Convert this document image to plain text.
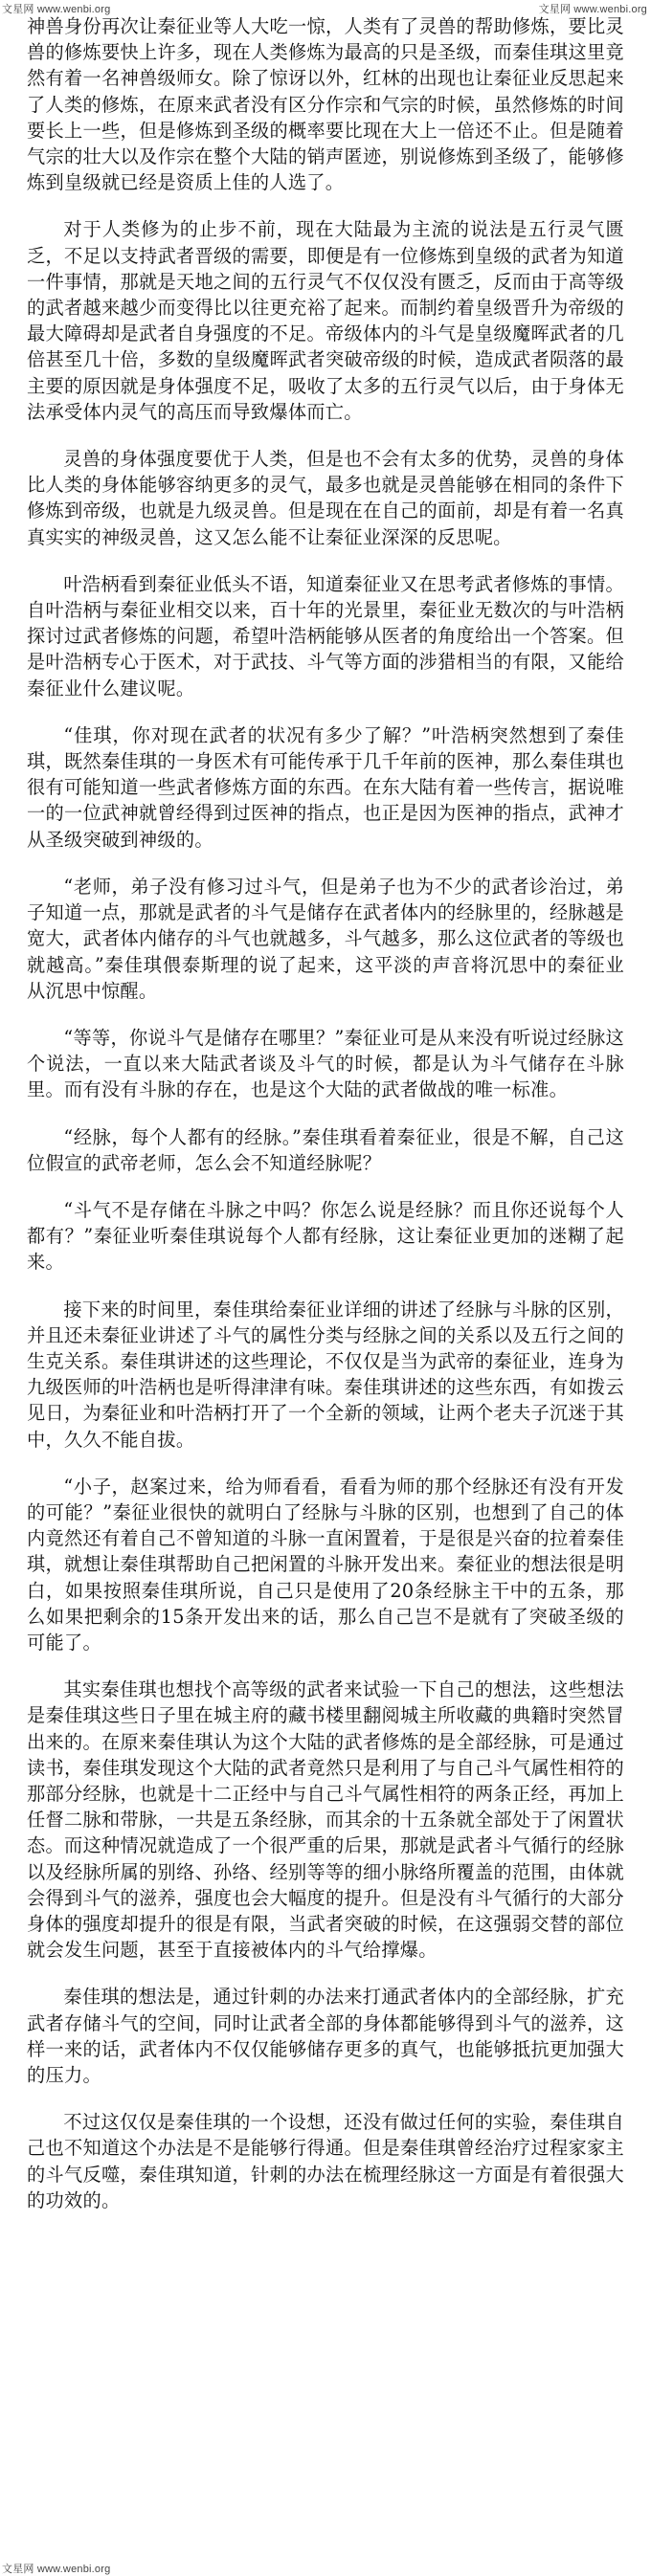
文星网 www.wenbi.org	文星网 www.wenbi.org

神兽身份再次让秦征业等人大吃一惊，人类有了灵兽的帮助修炼，要比灵兽的修炼要快上许多，现在人类修炼为最高的只是圣级，而秦佳琪这里竟然有着一名神兽级师女。除了惊讶以外，红林的出现也让秦征业反思起来了人类的修炼，在原来武者没有区分作宗和气宗的时候，虽然修炼的时间要长上一些，但是修炼到圣级的概率要比现在大上一倍还不止。但是随着气宗的壮大以及作宗在整个大陆的销声匿迹，别说修炼到圣级了，能够修炼到皇级就已经是资质上佳的人选了。

对于人类修为的止步不前，现在大陆最为主流的说法是五行灵气匮乏，不足以支持武者晋级的需要，即便是有一位修炼到皇级的武者为知道一件事情，那就是天地之间的五行灵气不仅仅没有匮乏，反而由于高等级的武者越来越少而变得比以往更充裕了起来。而制约着皇级晋升为帝级的最大障碍却是武者自身强度的不足。帝级体内的斗气是皇级魔晖武者的几倍甚至几十倍，多数的皇级魔晖武者突破帝级的时候，造成武者陨落的最主要的原因就是身体强度不足，吸收了太多的五行灵气以后，由于身体无法承受体内灵气的高压而导致爆体而亡。

灵兽的身体强度要优于人类，但是也不会有太多的优势，灵兽的身体比人类的身体能够容纳更多的灵气，最多也就是灵兽能够在相同的条件下修炼到帝级，也就是九级灵兽。但是现在在自己的面前，却是有着一名真真实实的神级灵兽，这又怎么能不让秦征业深深的反思呢。

叶浩柄看到秦征业低头不语，知道秦征业又在思考武者修炼的事情。自叶浩柄与秦征业相交以来，百十年的光景里，秦征业无数次的与叶浩柄探讨过武者修炼的问题，希望叶浩柄能够从医者的角度给出一个答案。但是叶浩柄专心于医术，对于武技、斗气等方面的涉猎相当的有限，又能给秦征业什么建议呢。

“佳琪，你对现在武者的状况有多少了解？”叶浩柄突然想到了秦佳琪，既然秦佳琪的一身医术有可能传承于几千年前的医神，那么秦佳琪也很有可能知道一些武者修炼方面的东西。在东大陆有着一些传言，据说唯一的一位武神就曾经得到过医神的指点，也正是因为医神的指点，武神才从圣级突破到神级的。

“老师，弟子没有修习过斗气，但是弟子也为不少的武者诊治过，弟子知道一点，那就是武者的斗气是储存在武者体内的经脉里的，经脉越是宽大，武者体内储存的斗气也就越多，斗气越多，那么这位武者的等级也就越高。”秦佳琪偎泰斯理的说了起来，这平淡的声音将沉思中的秦征业从沉思中惊醒。

“等等，你说斗气是储存在哪里？”秦征业可是从来没有听说过经脉这个说法，一直以来大陆武者谈及斗气的时候，都是认为斗气储存在斗脉里。而有没有斗脉的存在，也是这个大陆的武者做战的唯一标准。

“经脉，每个人都有的经脉。”秦佳琪看着秦征业，很是不解，自己这位假宣的武帝老师，怎么会不知道经脉呢？

“斗气不是存储在斗脉之中吗？你怎么说是经脉？而且你还说每个人都有？”秦征业听秦佳琪说每个人都有经脉，这让秦征业更加的迷糊了起来。

接下来的时间里，秦佳琪给秦征业详细的讲述了经脉与斗脉的区别，并且还未秦征业讲述了斗气的属性分类与经脉之间的关系以及五行之间的生克关系。秦佳琪讲述的这些理论，不仅仅是当为武帝的秦征业，连身为九级医师的叶浩柄也是听得津津有味。秦佳琪讲述的这些东西，有如拨云见日，为秦征业和叶浩柄打开了一个全新的领域，让两个老夫子沉迷于其中，久久不能自拔。

“小子，赵案过来，给为师看看，看看为师的那个经脉还有没有开发的可能？”秦征业很快的就明白了经脉与斗脉的区别，也想到了自己的体内竟然还有着自己不曾知道的斗脉一直闲置着，于是很是兴奋的拉着秦佳琪，就想让秦佳琪帮助自己把闲置的斗脉开发出来。秦征业的想法很是明白，如果按照秦佳琪所说，自己只是使用了20条经脉主干中的五条，那么如果把剩余的15条开发出来的话，那么自己岂不是就有了突破圣级的可能了。

其实秦佳琪也想找个高等级的武者来试验一下自己的想法，这些想法是秦佳琪这些日子里在城主府的藏书楼里翻阅城主所收藏的典籍时突然冒出来的。在原来秦佳琪认为这个大陆的武者修炼的是全部经脉，可是通过读书，秦佳琪发现这个大陆的武者竟然只是利用了与自己斗气属性相符的那部分经脉，也就是十二正经中与自己斗气属性相符的两条正经，再加上任督二脉和带脉，一共是五条经脉，而其余的十五条就全部处于了闲置状态。而这种情况就造成了一个很严重的后果，那就是武者斗气循行的经脉以及经脉所属的别络、孙络、经别等等的细小脉络所覆盖的范围，由体就会得到斗气的滋养，强度也会大幅度的提升。但是没有斗气循行的大部分身体的强度却提升的很是有限，当武者突破的时候，在这强弱交替的部位就会发生问题，甚至于直接被体内的斗气给撑爆。

秦佳琪的想法是，通过针刺的办法来打通武者体内的全部经脉，扩充武者存储斗气的空间，同时让武者全部的身体都能够得到斗气的滋养，这样一来的话，武者体内不仅仅能够储存更多的真气，也能够抵抗更加强大的压力。

不过这仅仅是秦佳琪的一个设想，还没有做过任何的实验，秦佳琪自己也不知道这个办法是不是能够行得通。但是秦佳琪曾经治疗过程家家主的斗气反噬，秦佳琪知道，针刺的办法在梳理经脉这一方面是有着很强大的功效的。

文星网 www.wenbi.org
